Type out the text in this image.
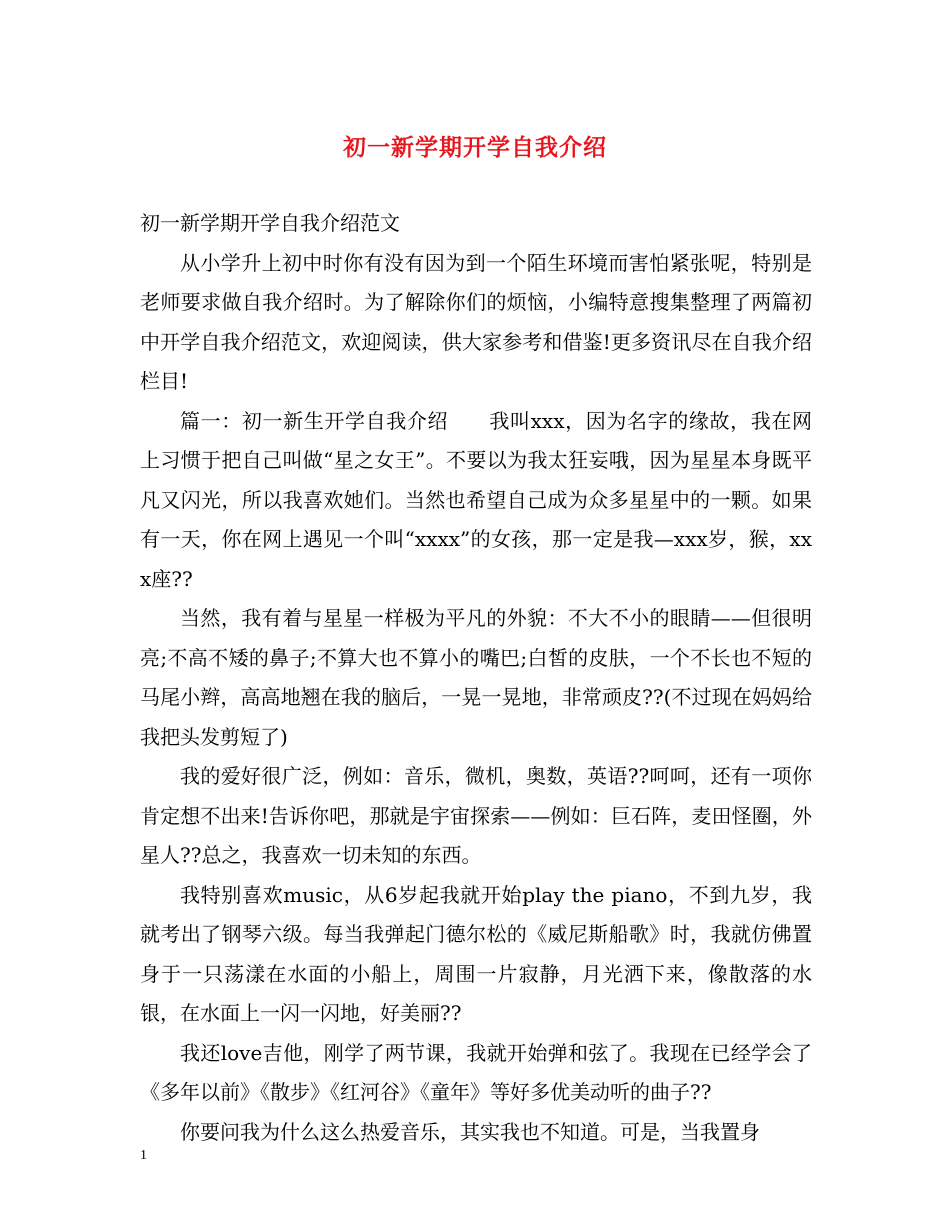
初一新学期开学自我介绍

初一新学期开学自我介绍范文

从小学升上初中时你有没有因为到一个陌生环境而害怕紧张呢，特别是老师要求做自我介绍时。为了解除你们的烦恼，小编特意搜集整理了两篇初中开学自我介绍范文，欢迎阅读，供大家参考和借鉴!更多资讯尽在自我介绍栏目!

篇一：初一新生开学自我介绍　　我叫xxx，因为名字的缘故，我在网上习惯于把自己叫做“星之女王”。不要以为我太狂妄哦，因为星星本身既平凡又闪光，所以我喜欢她们。当然也希望自己成为众多星星中的一颗。如果有一天，你在网上遇见一个叫“xxxx”的女孩，那一定是我—xxx岁，猴，xxx座??

当然，我有着与星星一样极为平凡的外貌：不大不小的眼睛——但很明亮;不高不矮的鼻子;不算大也不算小的嘴巴;白皙的皮肤，一个不长也不短的马尾小辫，高高地翘在我的脑后，一晃一晃地，非常顽皮??(不过现在妈妈给我把头发剪短了)

我的爱好很广泛，例如：音乐，微机，奥数，英语??呵呵，还有一项你肯定想不出来!告诉你吧，那就是宇宙探索——例如：巨石阵，麦田怪圈，外星人??总之，我喜欢一切未知的东西。

我特别喜欢music，从6岁起我就开始play the piano，不到九岁，我就考出了钢琴六级。每当我弹起门德尔松的《威尼斯船歌》时，我就仿佛置身于一只荡漾在水面的小船上，周围一片寂静，月光洒下来，像散落的水银，在水面上一闪一闪地，好美丽??

我还love吉他，刚学了两节课，我就开始弹和弦了。我现在已经学会了《多年以前》《散步》《红河谷》《童年》等好多优美动听的曲子??

你要问我为什么这么热爱音乐，其实我也不知道。可是，当我置身

1
